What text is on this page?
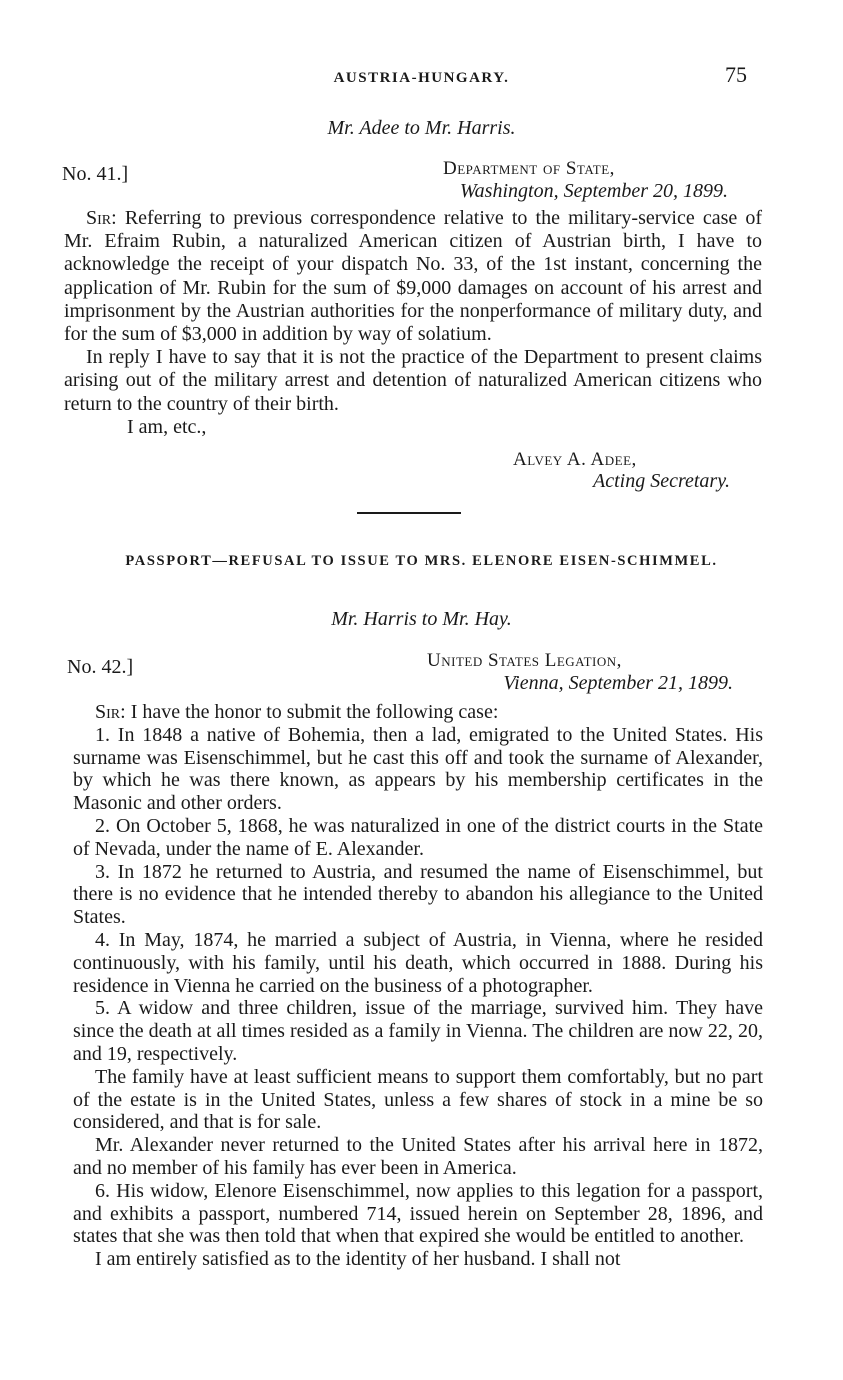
AUSTRIA-HUNGARY.	75
Mr. Adee to Mr. Harris.
No. 41.]	Department of State,
Washington, September 20, 1899.

Sir: Referring to previous correspondence relative to the military-service case of Mr. Efraim Rubin, a naturalized American citizen of Austrian birth, I have to acknowledge the receipt of your dispatch No. 33, of the 1st instant, concerning the application of Mr. Rubin for the sum of $9,000 damages on account of his arrest and imprisonment by the Austrian authorities for the nonperformance of military duty, and for the sum of $3,000 in addition by way of solatium.

In reply I have to say that it is not the practice of the Department to present claims arising out of the military arrest and detention of naturalized American citizens who return to the country of their birth.

I am, etc.,

Alvey A. Adee,
Acting Secretary.
PASSPORT—REFUSAL TO ISSUE TO MRS. ELENORE EISEN-SCHIMMEL.
Mr. Harris to Mr. Hay.
No. 42.]	United States Legation,
Vienna, September 21, 1899.

Sir: I have the honor to submit the following case:

1. In 1848 a native of Bohemia, then a lad, emigrated to the United States. His surname was Eisenschimmel, but he cast this off and took the surname of Alexander, by which he was there known, as appears by his membership certificates in the Masonic and other orders.

2. On October 5, 1868, he was naturalized in one of the district courts in the State of Nevada, under the name of E. Alexander.

3. In 1872 he returned to Austria, and resumed the name of Eisenschimmel, but there is no evidence that he intended thereby to abandon his allegiance to the United States.

4. In May, 1874, he married a subject of Austria, in Vienna, where he resided continuously, with his family, until his death, which occurred in 1888. During his residence in Vienna he carried on the business of a photographer.

5. A widow and three children, issue of the marriage, survived him. They have since the death at all times resided as a family in Vienna. The children are now 22, 20, and 19, respectively.

The family have at least sufficient means to support them comfortably, but no part of the estate is in the United States, unless a few shares of stock in a mine be so considered, and that is for sale.

Mr. Alexander never returned to the United States after his arrival here in 1872, and no member of his family has ever been in America.

6. His widow, Elenore Eisenschimmel, now applies to this legation for a passport, and exhibits a passport, numbered 714, issued herein on September 28, 1896, and states that she was then told that when that expired she would be entitled to another.

I am entirely satisfied as to the identity of her husband. I shall not
